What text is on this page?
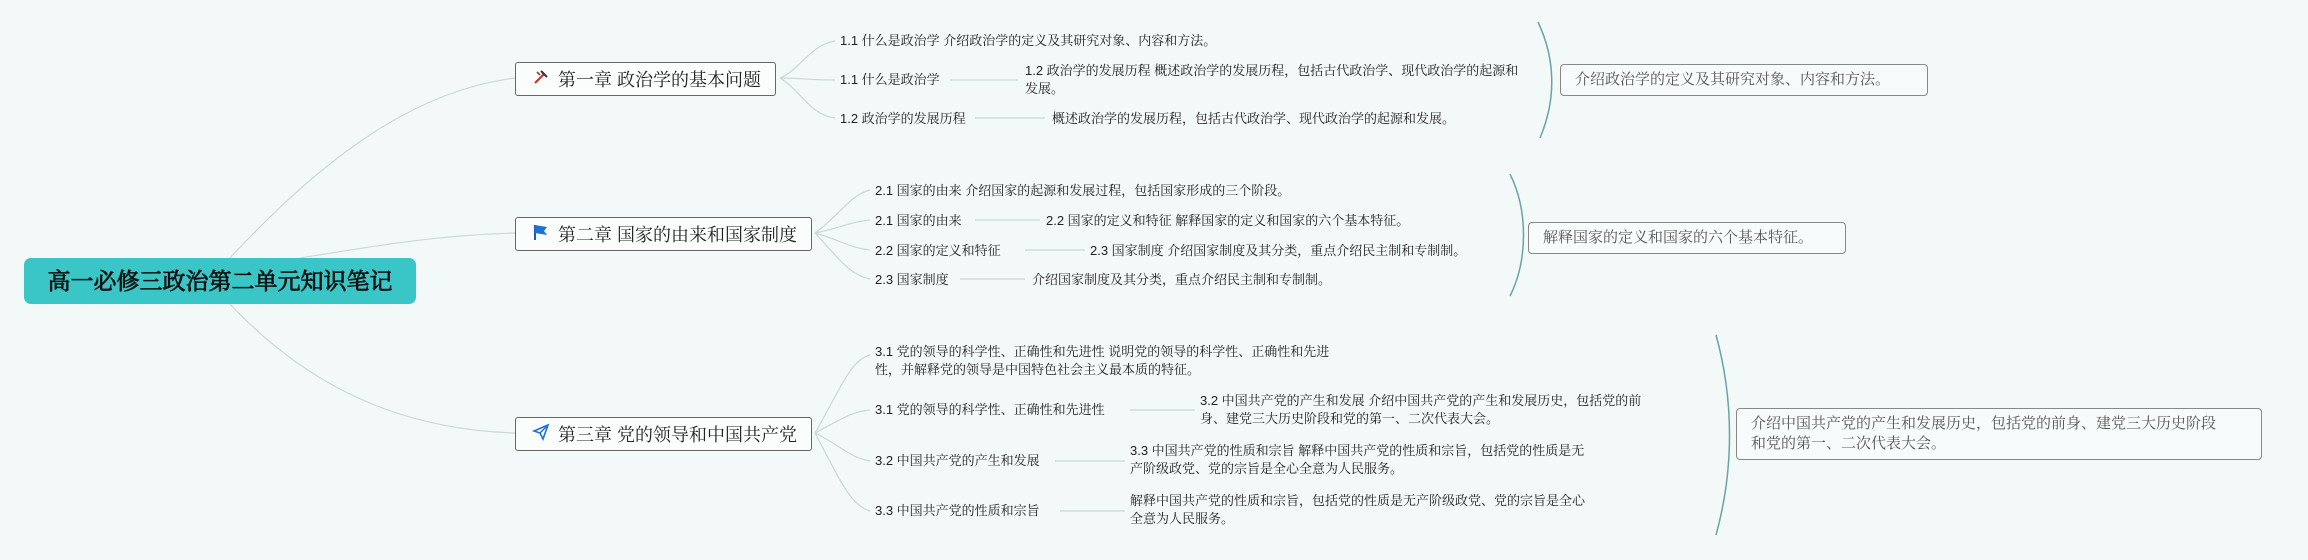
高一必修三政治第二单元知识笔记
第一章 政治学的基本问题
1.1 什么是政治学 介绍政治学的定义及其研究对象、内容和方法。
1.1 什么是政治学
1.2 政治学的发展历程 概述政治学的发展历程，包括古代政治学、现代政治学的起源和发展。
1.2 政治学的发展历程	概述政治学的发展历程，包括古代政治学、现代政治学的起源和发展。
介绍政治学的定义及其研究对象、内容和方法。
第二章 国家的由来和国家制度
2.1 国家的由来 介绍国家的起源和发展过程，包括国家形成的三个阶段。
2.1 国家的由来	2.2 国家的定义和特征 解释国家的定义和国家的六个基本特征。
2.2 国家的定义和特征	2.3 国家制度 介绍国家制度及其分类，重点介绍民主制和专制制。
2.3 国家制度	介绍国家制度及其分类，重点介绍民主制和专制制。
解释国家的定义和国家的六个基本特征。
第三章 党的领导和中国共产党
3.1 党的领导的科学性、正确性和先进性 说明党的领导的科学性、正确性和先进
性，并解释党的领导是中国特色社会主义最本质的特征。
3.1 党的领导的科学性、正确性和先进性
3.2 中国共产党的产生和发展 介绍中国共产党的产生和发展历史，包括党的前
身、建党三大历史阶段和党的第一、二次代表大会。
3.2 中国共产党的产生和发展
3.3 中国共产党的性质和宗旨 解释中国共产党的性质和宗旨，包括党的性质是无
产阶级政党、党的宗旨是全心全意为人民服务。
3.3 中国共产党的性质和宗旨
解释中国共产党的性质和宗旨，包括党的性质是无产阶级政党、党的宗旨是全心
全意为人民服务。
介绍中国共产党的产生和发展历史，包括党的前身、建党三大历史阶段
和党的第一、二次代表大会。
